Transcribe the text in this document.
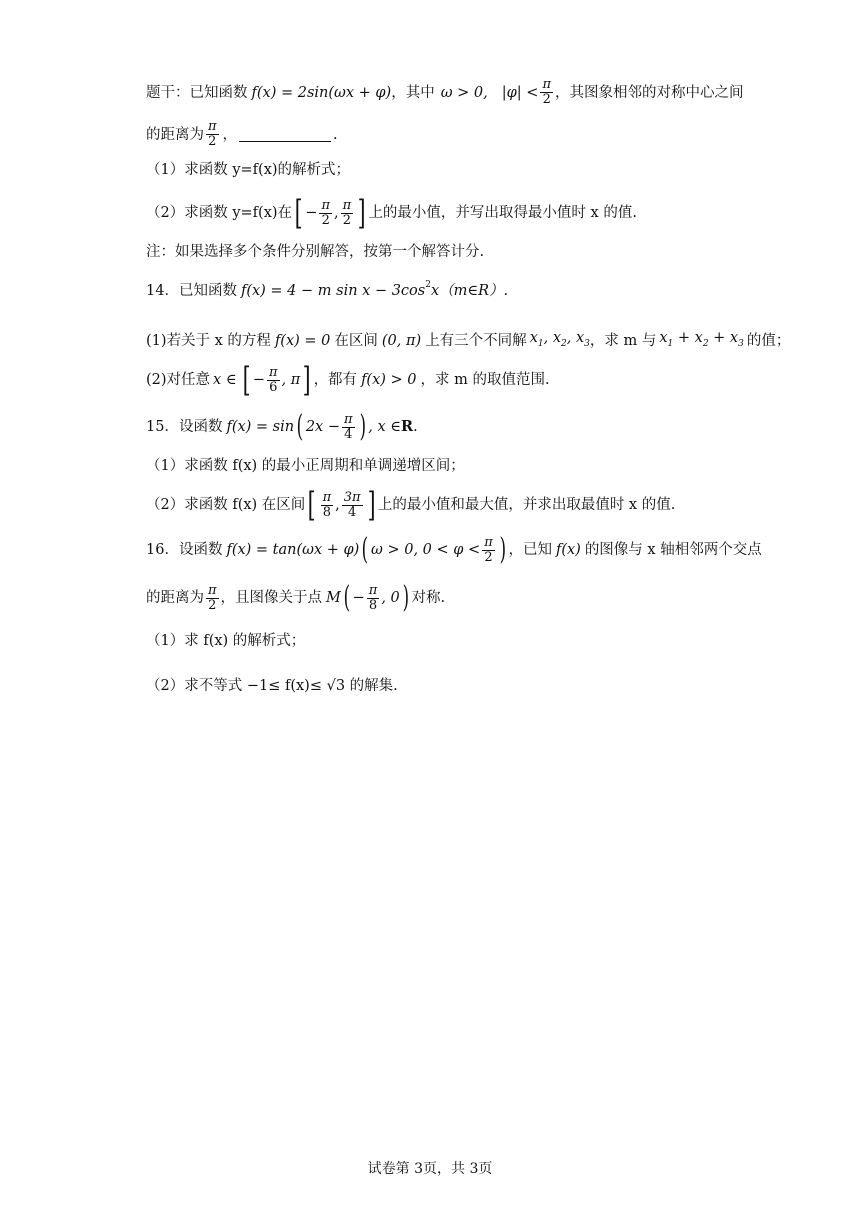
题干：已知函数 f(x) = 2sin(ωx + φ) ，其中 ω > 0, $|\varphi| < \frac{\pi}{2}$ ，其图象相邻的对称中心之间
的距离为 $\frac{\pi}{2}$ ，	.
（1）求函数 y=f(x)的解析式；
（2）求函数 y=f(x)在 [ − $\frac{\pi}{2}$ , $\frac{\pi}{2}$ ] 上的最小值，并写出取得最小值时 x 的值.
注：如果选择多个条件分别解答，按第一个解答计分.
14．已知函数 f(x) = 4 − m $\sin x - 3\cos^2$ x（m∈R）.
(1)若关于 x 的方程 f(x) = 0 在区间 (0, π) 上有三个不同解 $x_1$, $x_2$, $x_3$ ，求 m 与 $x_1 + x_2 + x_3$ 的值；
(2)对任意 x ∈ [ − $\frac{\pi}{6}$ , π ] ，都有 f(x) > 0 ，求 m 的取值范围.
15．设函数 f(x) = sin ( $2x - \frac{\pi}{4}$ ) , x ∈ R .
（1）求函数 f(x) 的最小正周期和单调递增区间；
（2）求函数 f(x) 在区间 [ $\frac{\pi}{8}$ , $\frac{3\pi}{4}$ ] 上的最小值和最大值，并求出取最值时 x 的值.
16．设函数 f(x) = tan(ωx + φ) ( ω > 0, $0 < \varphi < \frac{\pi}{2}$ ) ，已知 f(x) 的图像与 x 轴相邻两个交点
的距离为 $\frac{\pi}{2}$ ，且图像关于点 M ( − $\frac{\pi}{8}$ , 0 ) 对称.
（1）求 f(x) 的解析式；
（2）求不等式 −1≤ f(x)≤ √3 的解集.
试卷第 3页，共 3页
